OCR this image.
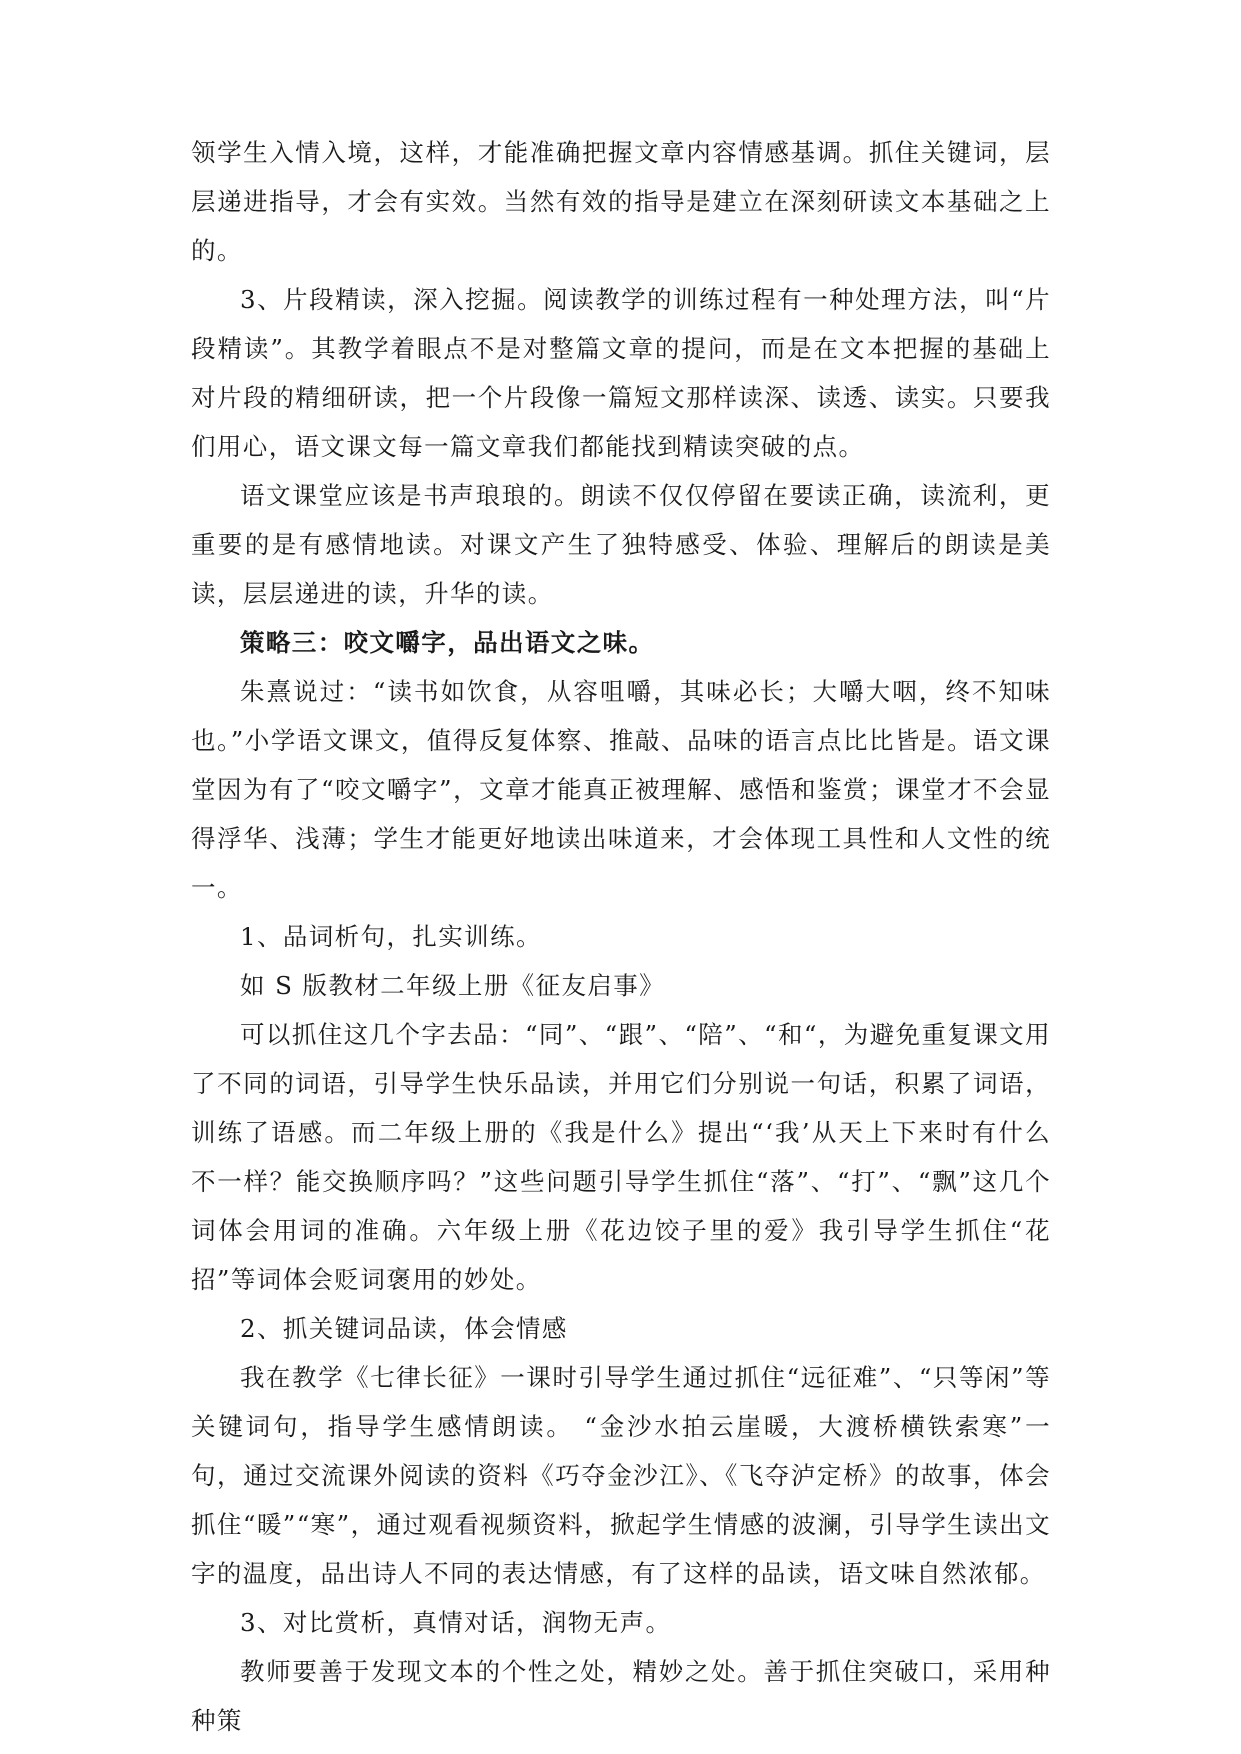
领学生入情入境，这样，才能准确把握文章内容情感基调。抓住关键词，层层递进指导，才会有实效。当然有效的指导是建立在深刻研读文本基础之上的。

3、片段精读，深入挖掘。阅读教学的训练过程有一种处理方法，叫“片段精读”。其教学着眼点不是对整篇文章的提问，而是在文本把握的基础上对片段的精细研读，把一个片段像一篇短文那样读深、读透、读实。只要我们用心，语文课文每一篇文章我们都能找到精读突破的点。

语文课堂应该是书声琅琅的。朗读不仅仅停留在要读正确，读流利，更重要的是有感情地读。对课文产生了独特感受、体验、理解后的朗读是美读，层层递进的读，升华的读。

策略三：咬文嚼字，品出语文之味。

朱熹说过：“读书如饮食，从容咀嚼，其味必长；大嚼大咽，终不知味也。”小学语文课文，值得反复体察、推敲、品味的语言点比比皆是。语文课堂因为有了“咬文嚼字”，文章才能真正被理解、感悟和鉴赏；课堂才不会显得浮华、浅薄；学生才能更好地读出味道来，才会体现工具性和人文性的统一。

1、品词析句，扎实训练。

如 S 版教材二年级上册《征友启事》

可以抓住这几个字去品：“同”、“跟”、“陪”、“和“，为避免重复课文用了不同的词语，引导学生快乐品读，并用它们分别说一句话，积累了词语，训练了语感。而二年级上册的《我是什么》提出“‘我’从天上下来时有什么不一样？能交换顺序吗？”这些问题引导学生抓住“落”、“打”、“飘”这几个词体会用词的准确。六年级上册《花边饺子里的爱》我引导学生抓住“花招”等词体会贬词褒用的妙处。

2、抓关键词品读，体会情感

我在教学《七律长征》一课时引导学生通过抓住“远征难”、“只等闲”等关键词句，指导学生感情朗读。 “金沙水拍云崖暖，大渡桥横铁索寒”一句，通过交流课外阅读的资料《巧夺金沙江》、《飞夺泸定桥》的故事，体会抓住“暖”“寒”，通过观看视频资料，掀起学生情感的波澜，引导学生读出文字的温度，品出诗人不同的表达情感，有了这样的品读，语文味自然浓郁。

3、对比赏析，真情对话，润物无声。

教师要善于发现文本的个性之处，精妙之处。善于抓住突破口，采用种种策
